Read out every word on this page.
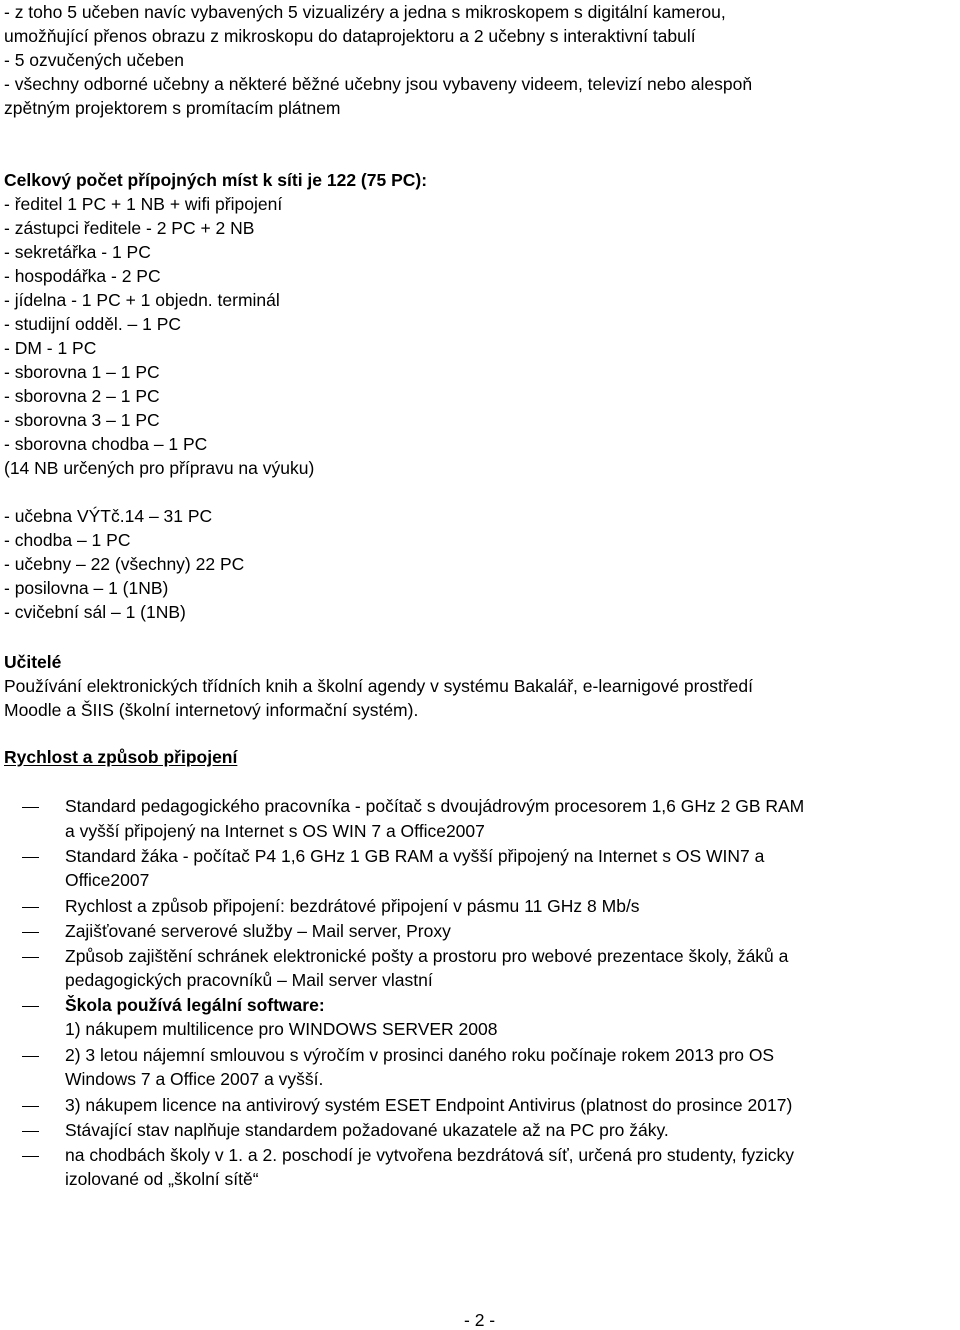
- z toho 5 učeben navíc vybavených 5 vizualizéry a jedna s mikroskopem s digitální kamerou,
umožňující přenos obrazu z mikroskopu do dataprojektoru a 2 učebny s interaktivní tabulí
- 5 ozvučených učeben
- všechny odborné učebny a některé běžné učebny jsou vybaveny videem, televizí nebo alespoň
zpětným projektorem s promítacím plátnem
Celkový počet přípojných míst k síti je 122 (75 PC):
- ředitel 1 PC + 1 NB + wifi připojení
- zástupci ředitele - 2 PC + 2 NB
- sekretářka - 1 PC
- hospodářka - 2 PC
- jídelna - 1 PC + 1 objedn. terminál
- studijní odděl. – 1 PC
- DM - 1 PC
- sborovna 1 – 1 PC
- sborovna 2 – 1 PC
- sborovna 3 – 1 PC
- sborovna chodba – 1 PC
(14 NB určených pro přípravu na výuku)
- učebna VÝTč.14 – 31 PC
- chodba – 1 PC
- učebny – 22 (všechny) 22 PC
- posilovna – 1 (1NB)
- cvičební sál – 1 (1NB)
Učitelé
Používání elektronických třídních knih a školní agendy v systému Bakalář, e-learnigové prostředí
Moodle a ŠIIS (školní internetový informační systém).
Rychlost a způsob připojení
Standard pedagogického pracovníka - počítač s dvoujádrovým procesorem 1,6 GHz 2 GB RAM
a vyšší připojený na Internet s OS WIN 7 a Office2007
Standard žáka - počítač P4 1,6 GHz 1 GB RAM a vyšší připojený na Internet s OS WIN7 a
Office2007
Rychlost a způsob připojení: bezdrátové připojení v pásmu 11 GHz 8 Mb/s
Zajišťované serverové služby – Mail server, Proxy
Způsob zajištění schránek elektronické pošty a prostoru pro webové prezentace školy, žáků a
pedagogických pracovníků – Mail server vlastní
Škola používá legální software:
1) nákupem multilicence pro WINDOWS SERVER 2008
2) 3 letou nájemní smlouvou s výročím v prosinci daného roku počínaje rokem 2013 pro OS
Windows 7 a Office 2007 a vyšší.
3) nákupem licence na antivirový systém ESET Endpoint Antivirus (platnost do prosince 2017)
Stávající stav naplňuje standardem požadované ukazatele až na PC pro žáky.
na chodbách školy v 1. a 2. poschodí je vytvořena bezdrátová síť, určená pro studenty, fyzicky
izolované od „školní sítě“
- 2 -
